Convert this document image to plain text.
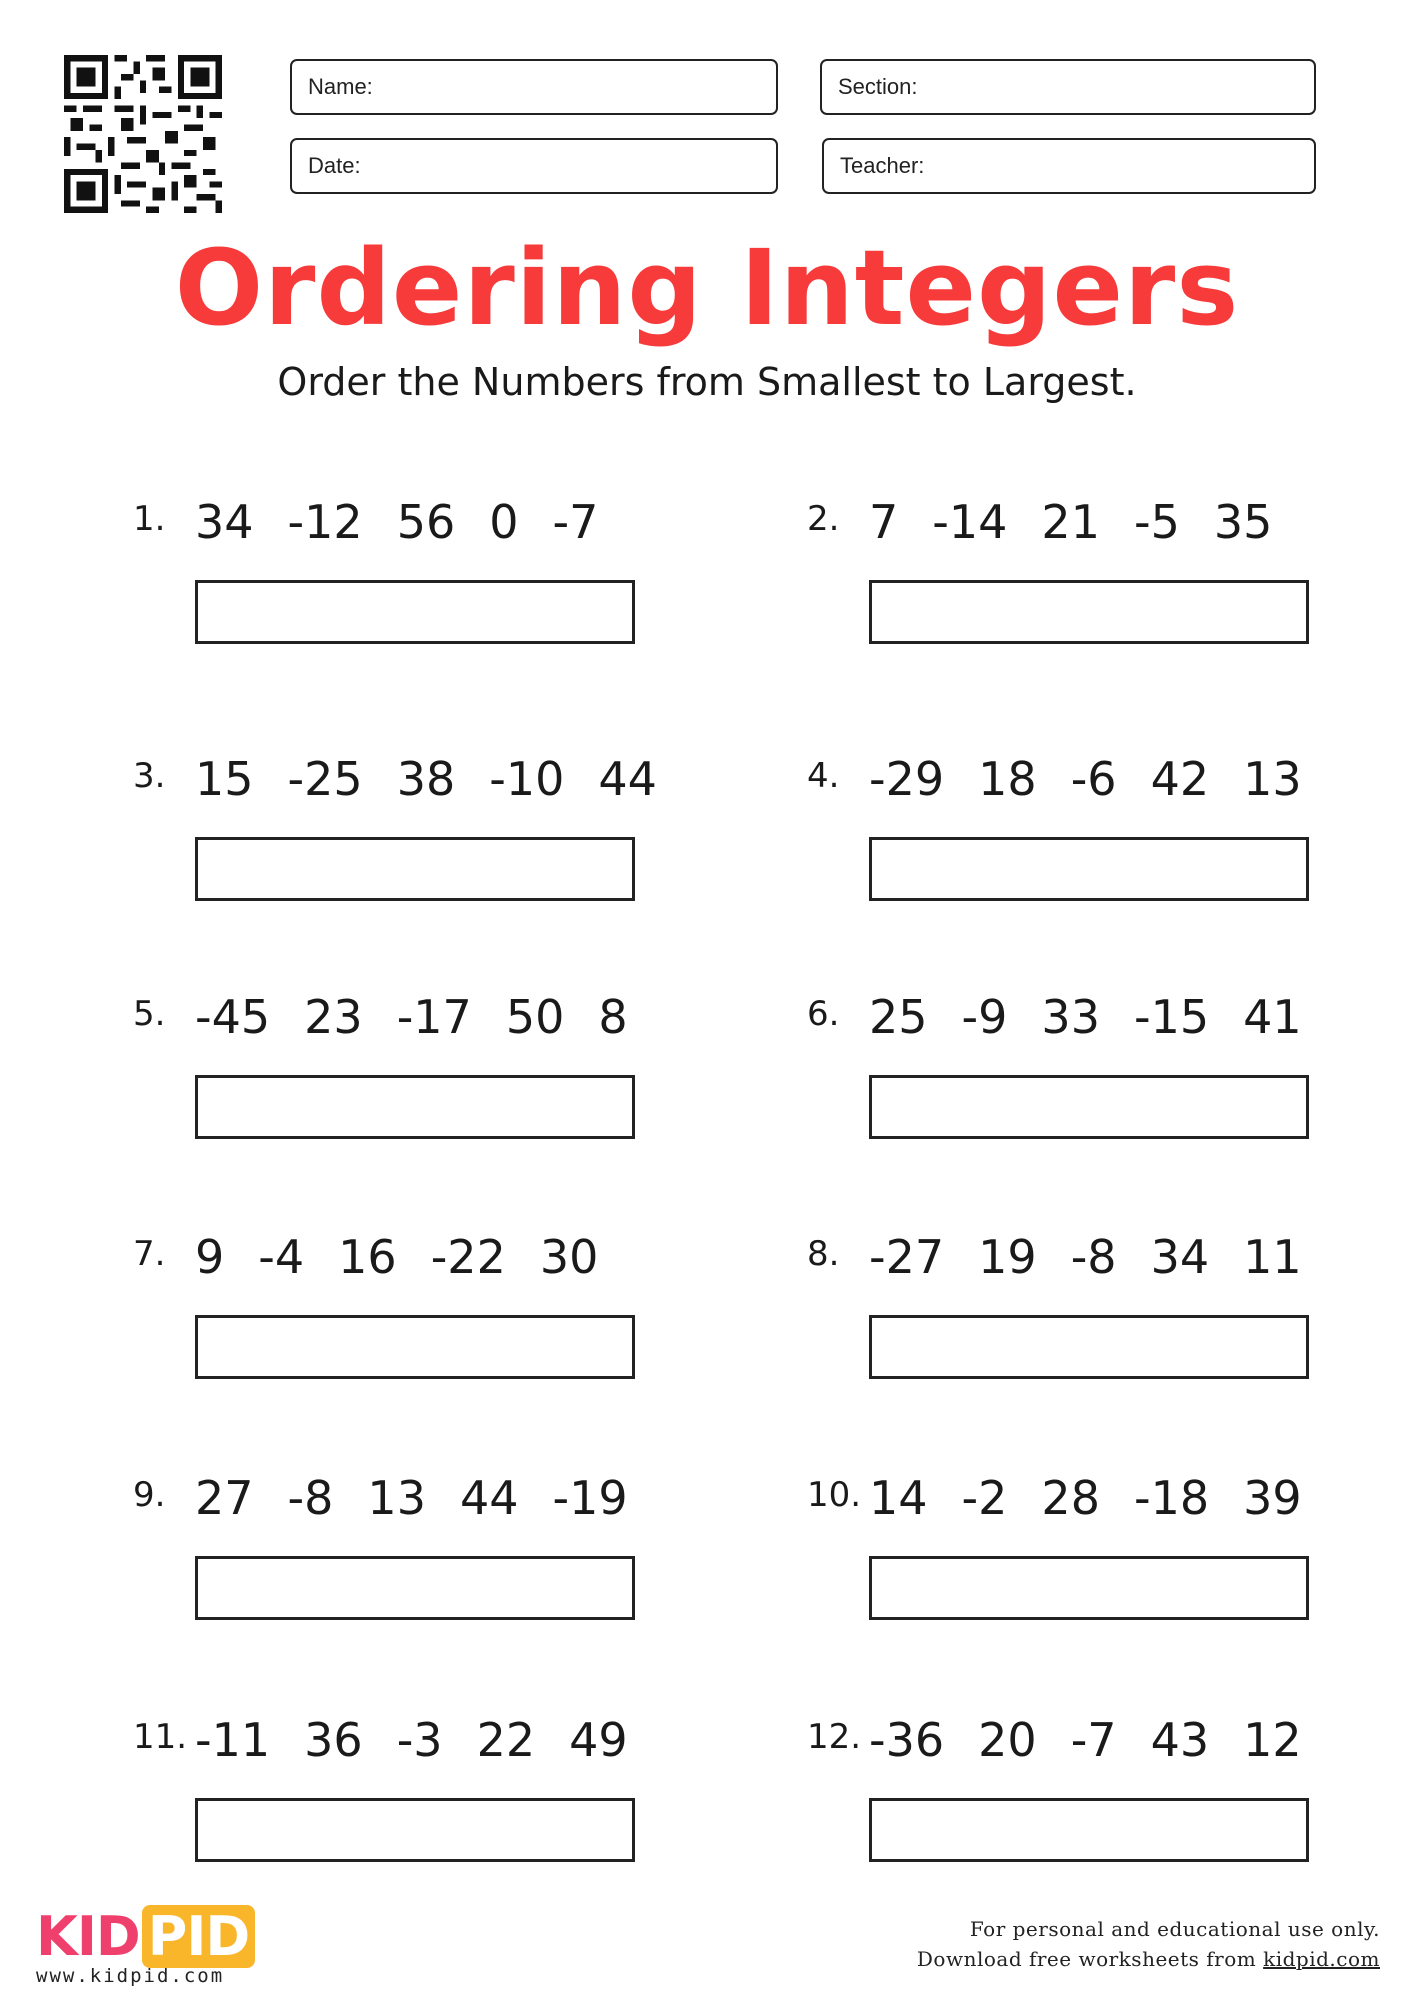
Name:	Section:
Date:	Teacher:
Ordering Integers
Order the Numbers from Smallest to Largest.
1. 34 -12 56 0 -7	2. 7 -14 21 -5 35
3. 15 -25 38 -10 44	4. -29 18 -6 42 13
5. -45 23 -17 50 8	6. 25 -9 33 -15 41
7. 9 -4 16 -22 30	8. -27 19 -8 34 11
9. 27 -8 13 44 -19	10. 14 -2 28 -18 39
11. -11 36 -3 22 49	12. -36 20 -7 43 12
KID PID
www.kidpid.com
For personal and educational use only.
Download free worksheets from kidpid.com
